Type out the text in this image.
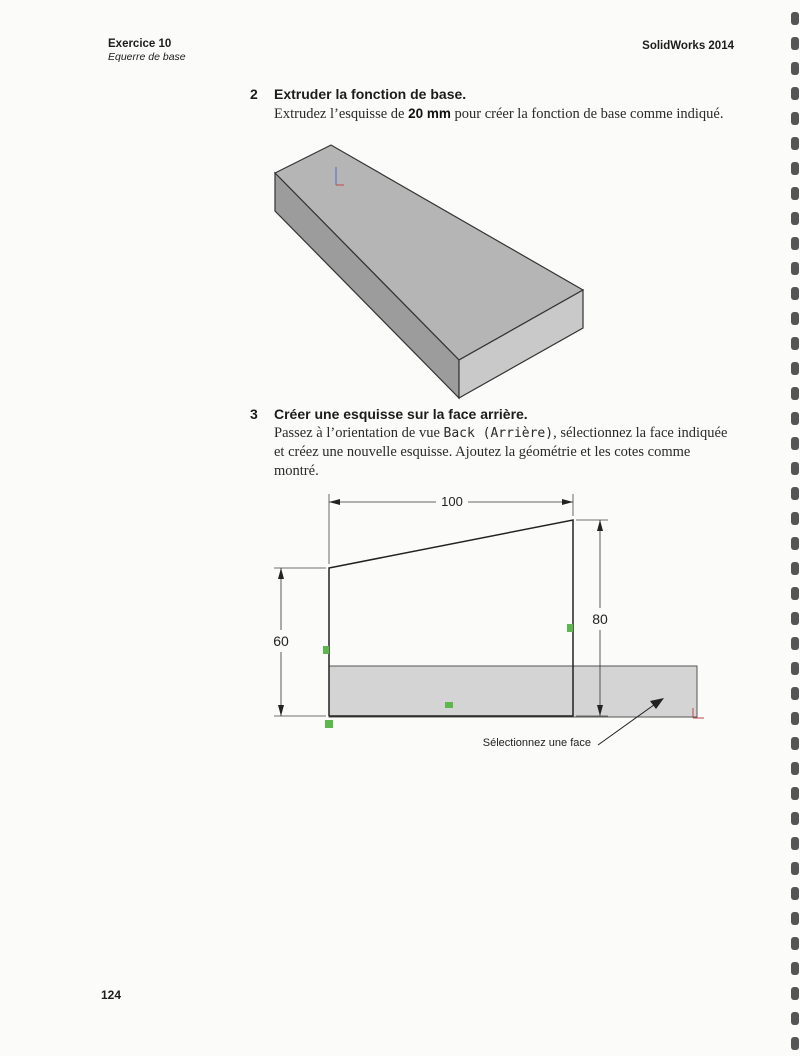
Exercice 10
Equerre de base
SolidWorks 2014
2 Extruder la fonction de base.
Extrudez l’esquisse de 20 mm pour créer la fonction de base comme indiqué.
3 Créer une esquisse sur la face arrière.
Passez à l’orientation de vue Back (Arrière), sélectionnez la face indiquée et créez une nouvelle esquisse. Ajoutez la géométrie et les cotes comme montré.
100
60
80
Sélectionnez une face
124
